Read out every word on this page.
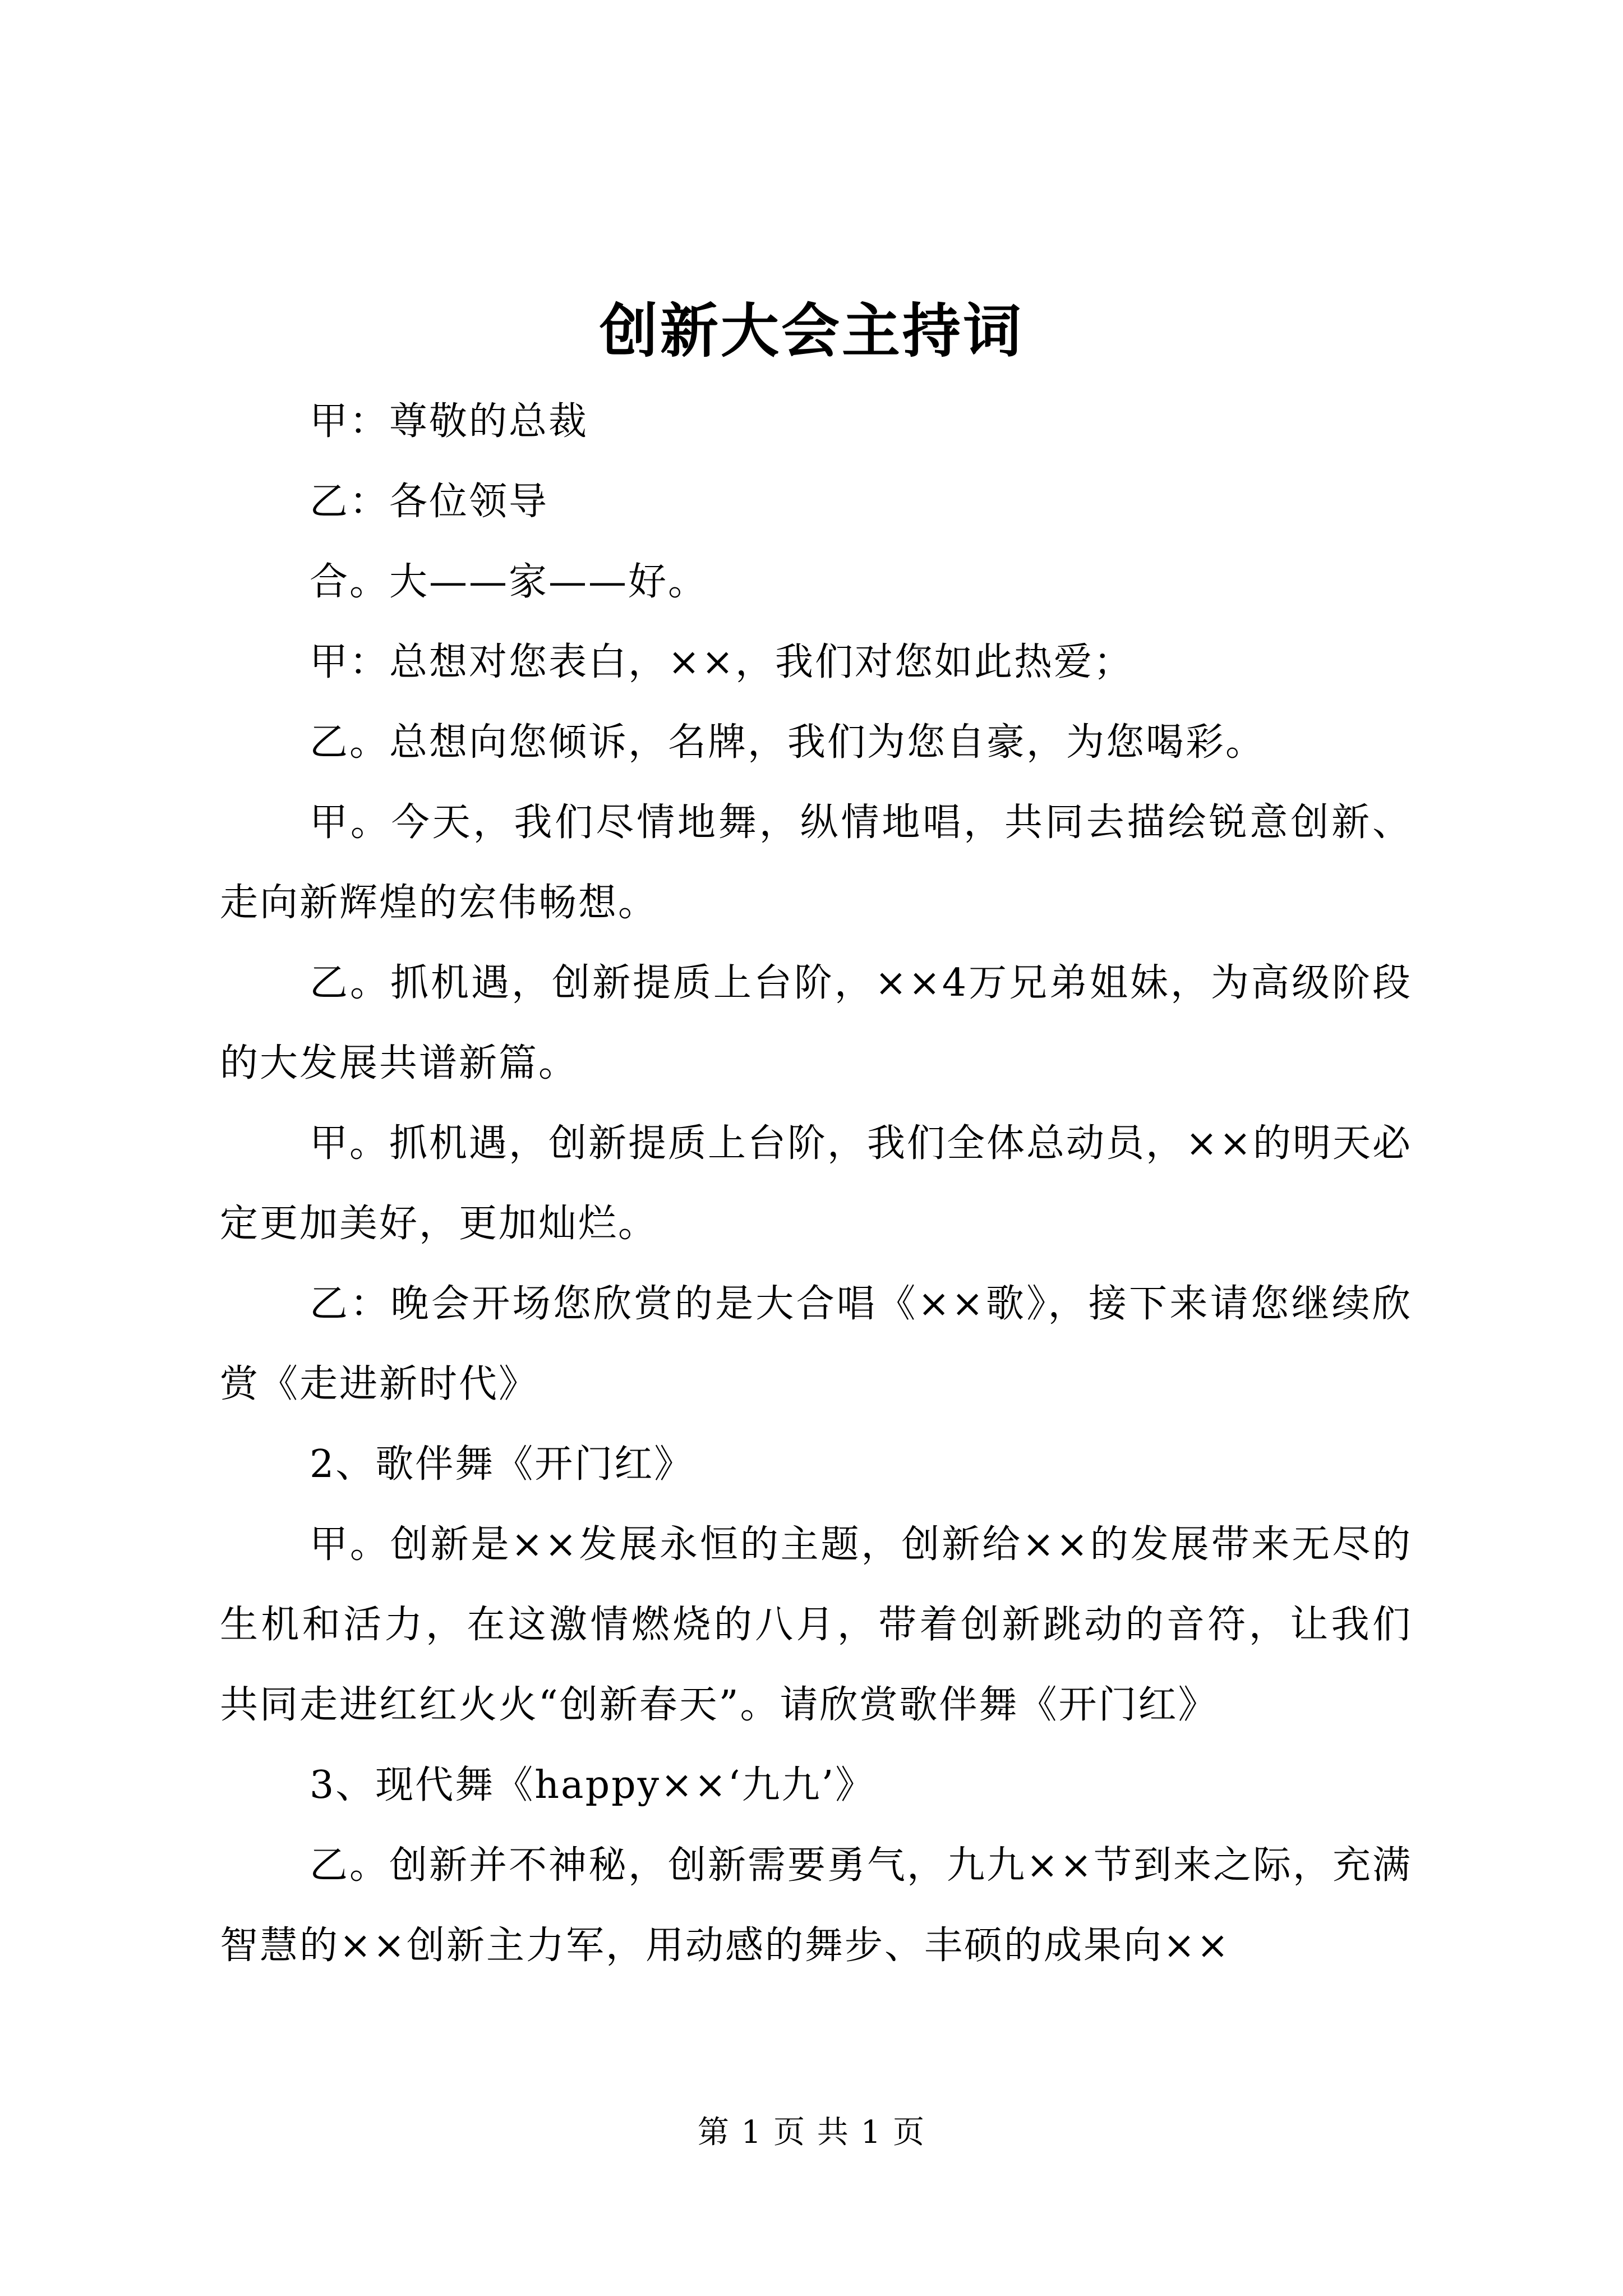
创新大会主持词

甲：尊敬的总裁

乙：各位领导

合。大——家——好。

甲：总想对您表白，××，我们对您如此热爱；

乙。总想向您倾诉，名牌，我们为您自豪，为您喝彩。

甲。今天，我们尽情地舞，纵情地唱，共同去描绘锐意创新、走向新辉煌的宏伟畅想。

乙。抓机遇，创新提质上台阶，××4万兄弟姐妹，为高级阶段的大发展共谱新篇。

甲。抓机遇，创新提质上台阶，我们全体总动员，××的明天必定更加美好，更加灿烂。

乙：晚会开场您欣赏的是大合唱《××歌》，接下来请您继续欣赏《走进新时代》

2、歌伴舞《开门红》

甲。创新是××发展永恒的主题，创新给××的发展带来无尽的生机和活力，在这激情燃烧的八月，带着创新跳动的音符，让我们共同走进红红火火“创新春天”。请欣赏歌伴舞《开门红》

3、现代舞《happy××‘九九’》

乙。创新并不神秘，创新需要勇气，九九××节到来之际，充满智慧的××创新主力军，用动感的舞步、丰硕的成果向××

第 1 页 共 1 页
